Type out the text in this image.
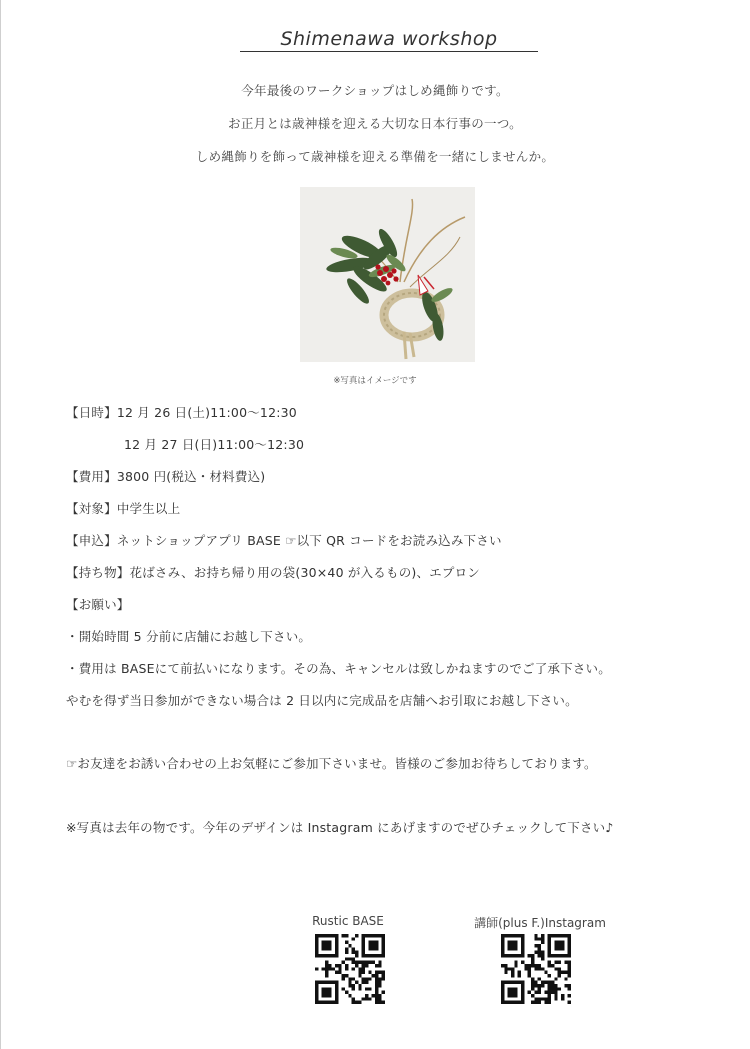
Shimenawa workshop
今年最後のワークショップはしめ縄飾りです。
お正月とは歳神様を迎える大切な日本行事の一つ。
しめ縄飾りを飾って歳神様を迎える準備を一緒にしませんか。
※写真はイメージです
【日時】12 月 26 日(土)11:00～12:30
12 月 27 日(日)11:00～12:30
【費用】3800 円(税込・材料費込)
【対象】中学生以上
【申込】ネットショップアプリ BASE ☞以下 QR コードをお読み込み下さい
【持ち物】花ばさみ、お持ち帰り用の袋(30×40 が入るもの)、エプロン
【お願い】
・開始時間 5 分前に店舗にお越し下さい。
・費用は BASEにて前払いになります。その為、キャンセルは致しかねますのでご了承下さい。
やむを得ず当日参加ができない場合は 2 日以内に完成品を店舗へお引取にお越し下さい。
☞お友達をお誘い合わせの上お気軽にご参加下さいませ。皆様のご参加お待ちしております。
※写真は去年の物です。今年のデザインは Instagram にあげますのでぜひチェックして下さい♪
Rustic BASE	講師(plus F.)Instagram
